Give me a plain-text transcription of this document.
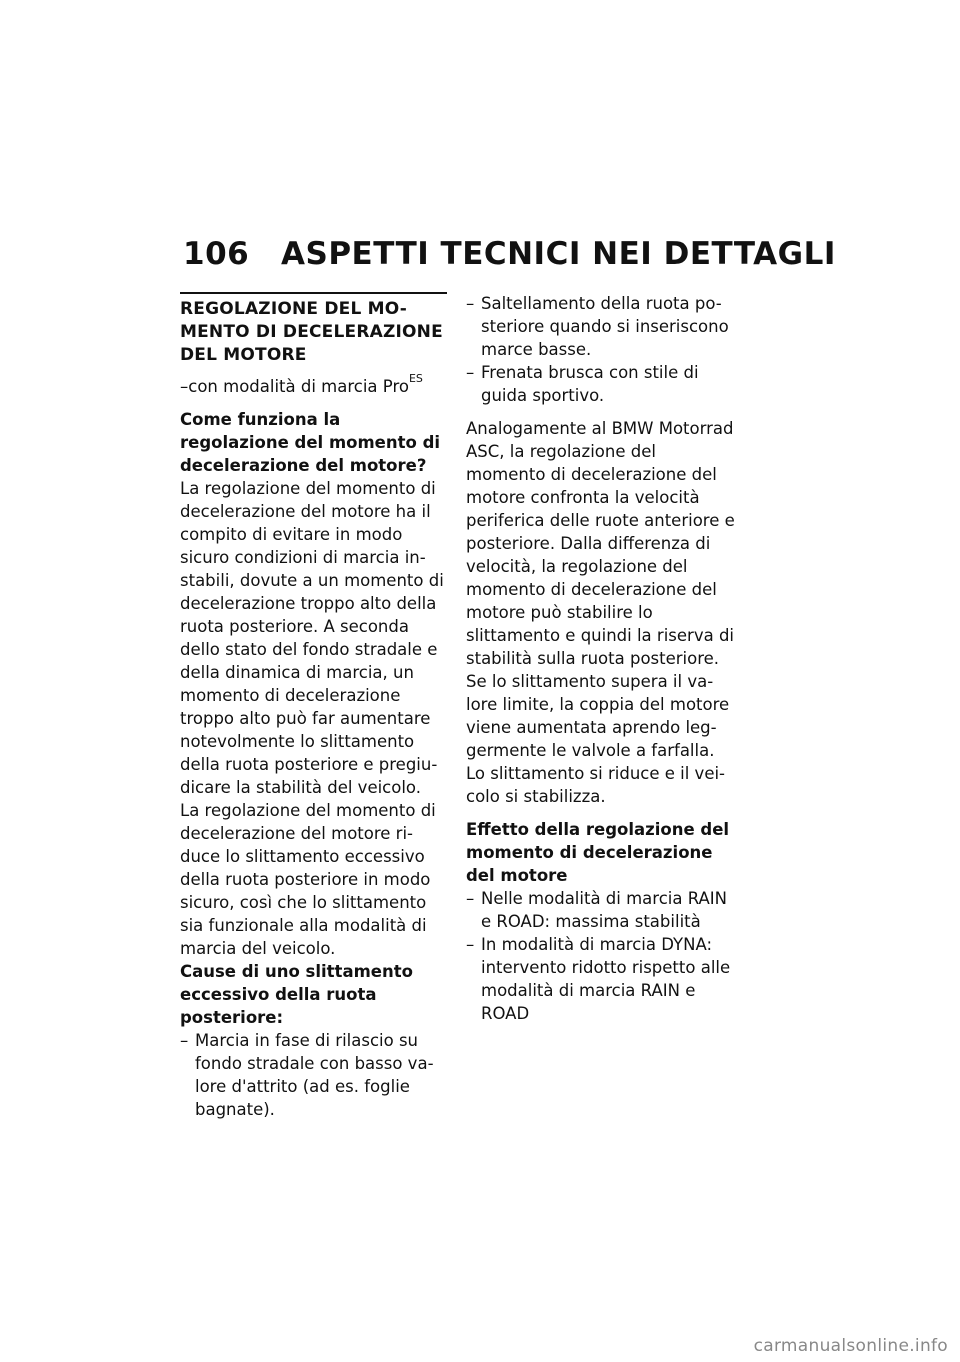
106 ASPETTI TECNICI NEI DETTAGLI
REGOLAZIONE DEL MO-
MENTO DI DECELERAZIONE
DEL MOTORE
–con modalità di marcia Pro$^{ES}$

Come funziona la regolazione del momento di decelerazione del motore?

La regolazione del momento di decelerazione del motore ha il compito di evitare in modo sicuro condizioni di marcia in-stabili, dovute a un momento di decelerazione troppo alto della ruota posteriore. A seconda dello stato del fondo stradale e della dinamica di marcia, un momento di decelerazione troppo alto può far aumentare notevolmente lo slittamento della ruota posteriore e pregiu-dicare la stabilità del veicolo.

La regolazione del momento di decelerazione del motore ri-duce lo slittamento eccessivo della ruota posteriore in modo sicuro, così che lo slittamento sia funzionale alla modalità di marcia del veicolo.

Cause di uno slittamento eccessivo della ruota posteriore:

– Marcia in fase di rilascio su fondo stradale con basso va-lore d'attrito (ad es. foglie bagnate).
– Saltellamento della ruota po-steriore quando si inseriscono marce basse.
– Frenata brusca con stile di guida sportivo.

Analogamente al BMW Motorrad ASC, la regolazione del momento di decelerazione del motore confronta la velocità periferica delle ruote anteriore e posteriore. Dalla differenza di velocità, la regolazione del momento di decelerazione del motore può stabilire lo slittamento e quindi la riserva di stabilità sulla ruota posteriore.

Se lo slittamento supera il va-lore limite, la coppia del motore viene aumentata aprendo leg-germente le valvole a farfalla. Lo slittamento si riduce e il vei-colo si stabilizza.

Effetto della regolazione del momento di decelerazione del motore

– Nelle modalità di marcia RAIN e ROAD: massima stabilità
– In modalità di marcia DYNA: intervento ridotto rispetto alle modalità di marcia RAIN e ROAD
carmanualsonline.info
